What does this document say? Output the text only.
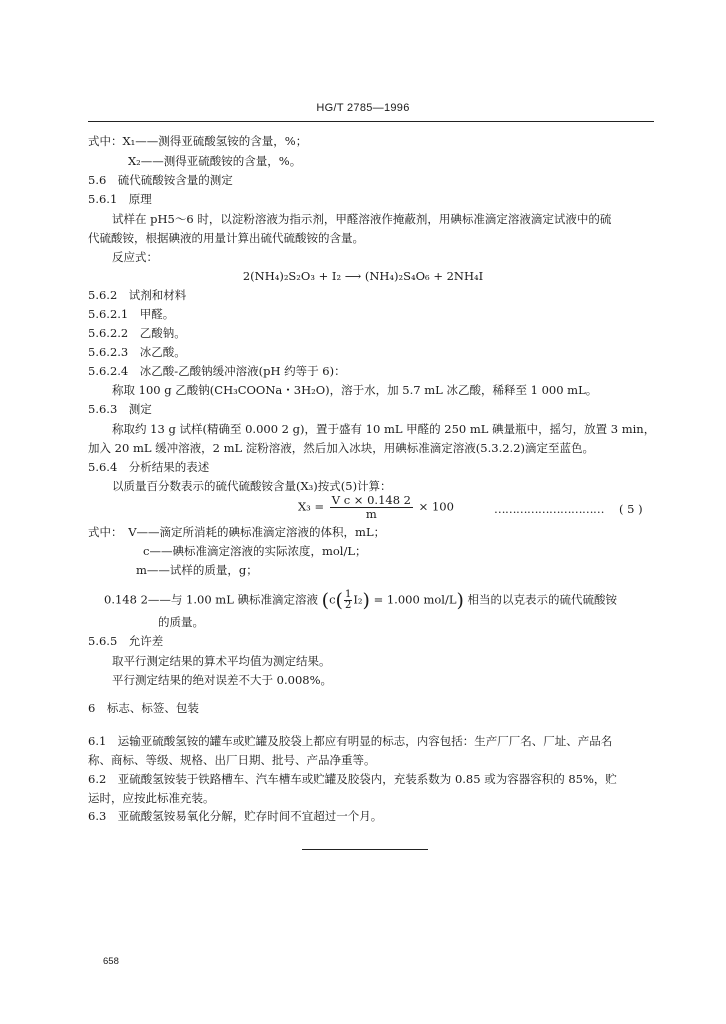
HG/T 2785—1996
式中：X₁——测得亚硫酸氢铵的含量，%；
X₂——测得亚硫酸铵的含量，%。
5.6　硫代硫酸铵含量的测定
5.6.1　原理
试样在 pH5～6 时，以淀粉溶液为指示剂，甲醛溶液作掩蔽剂，用碘标准滴定溶液滴定试液中的硫
代硫酸铵，根据碘液的用量计算出硫代硫酸铵的含量。
反应式：
2(NH₄)₂S₂O₃ + I₂ ⟶ (NH₄)₂S₄O₆ + 2NH₄I
5.6.2　试剂和材料
5.6.2.1　甲醛。
5.6.2.2　乙酸钠。
5.6.2.3　冰乙酸。
5.6.2.4　冰乙酸-乙酸钠缓冲溶液(pH 约等于 6)：
称取 100 g 乙酸钠(CH₃COONa・3H₂O)，溶于水，加 5.7 mL 冰乙酸，稀释至 1 000 mL。
5.6.3　测定
称取约 13 g 试样(精确至 0.000 2 g)，置于盛有 10 mL 甲醛的 250 mL 碘量瓶中，摇匀，放置 3 min，
加入 20 mL 缓冲溶液，2 mL 淀粉溶液，然后加入冰块，用碘标准滴定溶液(5.3.2.2)滴定至蓝色。
5.6.4　分析结果的表述
以质量百分数表示的硫代硫酸铵含量(X₃)按式(5)计算：
$X_3 = \frac{\text{V c × 0.148 2}}{m} \times 100$	………………………… ( 5 )
式中：　V——滴定所消耗的碘标准滴定溶液的体积，mL；
c——碘标准滴定溶液的实际浓度，mol/L；
m——试样的质量，g；
0.148 2——与 1.00 mL 碘标准滴定溶液 ($c( \frac{1}{2} I_2) = 1.000$ mol/L) 相当的以克表示的硫代硫酸铵
的质量。
5.6.5　允许差
取平行测定结果的算术平均值为测定结果。
平行测定结果的绝对误差不大于 0.008%。
6　标志、标签、包装
6.1　运输亚硫酸氢铵的罐车或贮罐及胶袋上都应有明显的标志，内容包括：生产厂厂名、厂址、产品名
称、商标、等级、规格、出厂日期、批号、产品净重等。
6.2　亚硫酸氢铵装于铁路槽车、汽车槽车或贮罐及胶袋内，充装系数为 0.85 或为容器容积的 85%，贮
运时，应按此标准充装。
6.3　亚硫酸氢铵易氧化分解，贮存时间不宜超过一个月。
658
